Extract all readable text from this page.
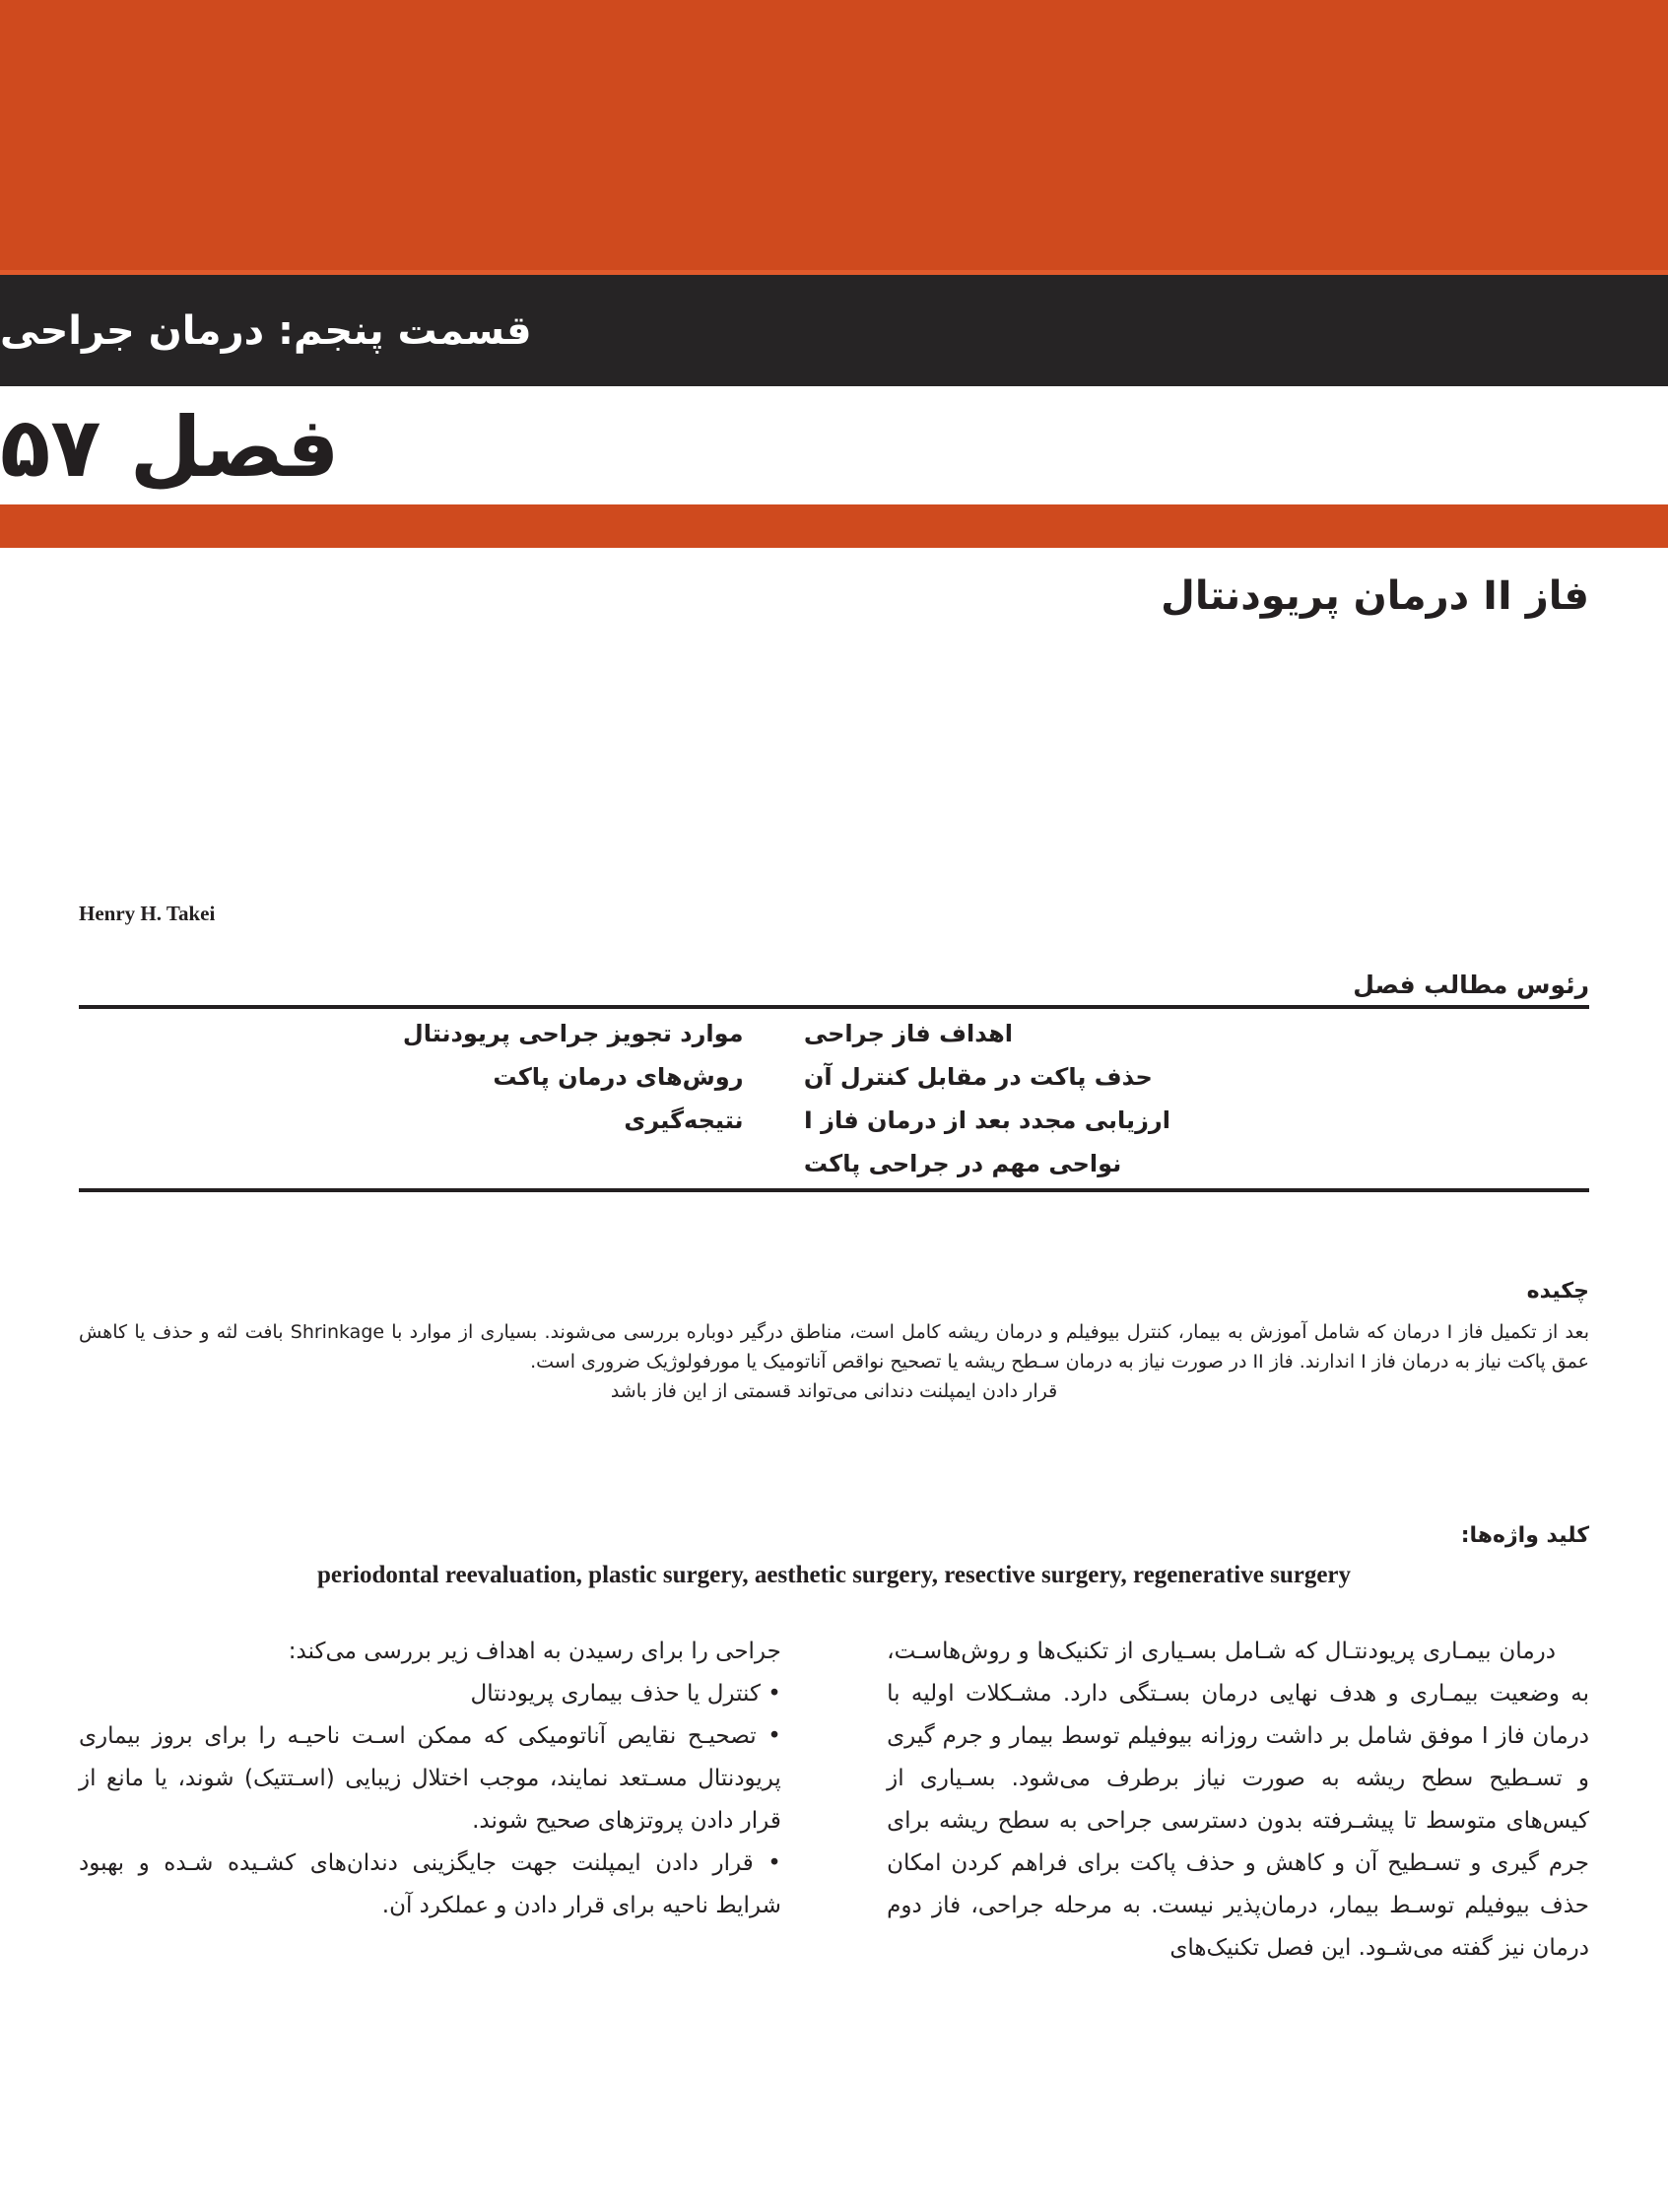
قسمت پنجم: درمان جراحی
فصل ۵۷
فاز II درمان پریودنتال
Henry H. Takei
رئوس مطالب فصل
اهداف فاز جراحی
حذف پاکت در مقابل کنترل آن
ارزیابی مجدد بعد از درمان فاز I
نواحی مهم در جراحی پاکت
موارد تجویز جراحی پریودنتال
روش‌های درمان پاکت
نتیجه‌گیری
چکیده

بعد از تکمیل فاز I درمان که شامل آموزش به بیمار، کنترل بیوفیلم و درمان ریشه کامل است، مناطق درگیر دوباره بررسی می‌شوند. بسیاری از موارد با Shrinkage بافت لثه و حذف یا کاهش عمق پاکت نیاز به درمان فاز I اندارند. فاز II در صورت نیاز به درمان سـطح ریشه یا تصحیح نواقص آناتومیک یا مورفولوژیک ضروری است.

قرار دادن ایمپلنت دندانی می‌تواند قسمتی از این فاز باشد

کلید واژه‌ها:
periodontal reevaluation, plastic surgery, aesthetic surgery, resective surgery, regenerative surgery

درمان بیمـاری پریودنتـال که شـامل بسـیاری از تکنیک‌ها و روش‌هاسـت، به وضعیت بیمـاری و هدف نهایی درمان بسـتگی دارد. مشـکلات اولیه با درمان فاز I موفق شامل بر داشت روزانه بیوفیلم توسط بیمار و جرم گیری و تسـطیح سطح ریشه به صورت نیاز برطرف می‌شود. بسـیاری از کیس‌های متوسط تا پیشـرفته بدون دسترسی جراحی به سطح ریشه برای جرم گیری و تسـطیح آن و کاهش و حذف پاکت برای فراهم کردن امکان حذف بیوفیلم توسـط بیمار، درمان‌پذیر نیست. به مرحله جراحی، فاز دوم درمان نیز گفته می‌شـود. این فصل تکنیک‌های

جراحی را برای رسیدن به اهداف زیر بررسی می‌کند:
• کنترل یا حذف بیماری پریودنتال
• تصحیـح نقایص آناتومیکی که ممکن اسـت ناحیـه را برای بروز بیماری پریودنتال مسـتعد نمایند، موجب اختلال زیبایی (اسـتتیک) شوند، یا مانع از قرار دادن پروتزهای صحیح شوند.
• قرار دادن ایمپلنت جهت جایگزینی دندان‌های کشـیده شـده و بهبود شرایط ناحیه برای قرار دادن و عملکرد آن.
